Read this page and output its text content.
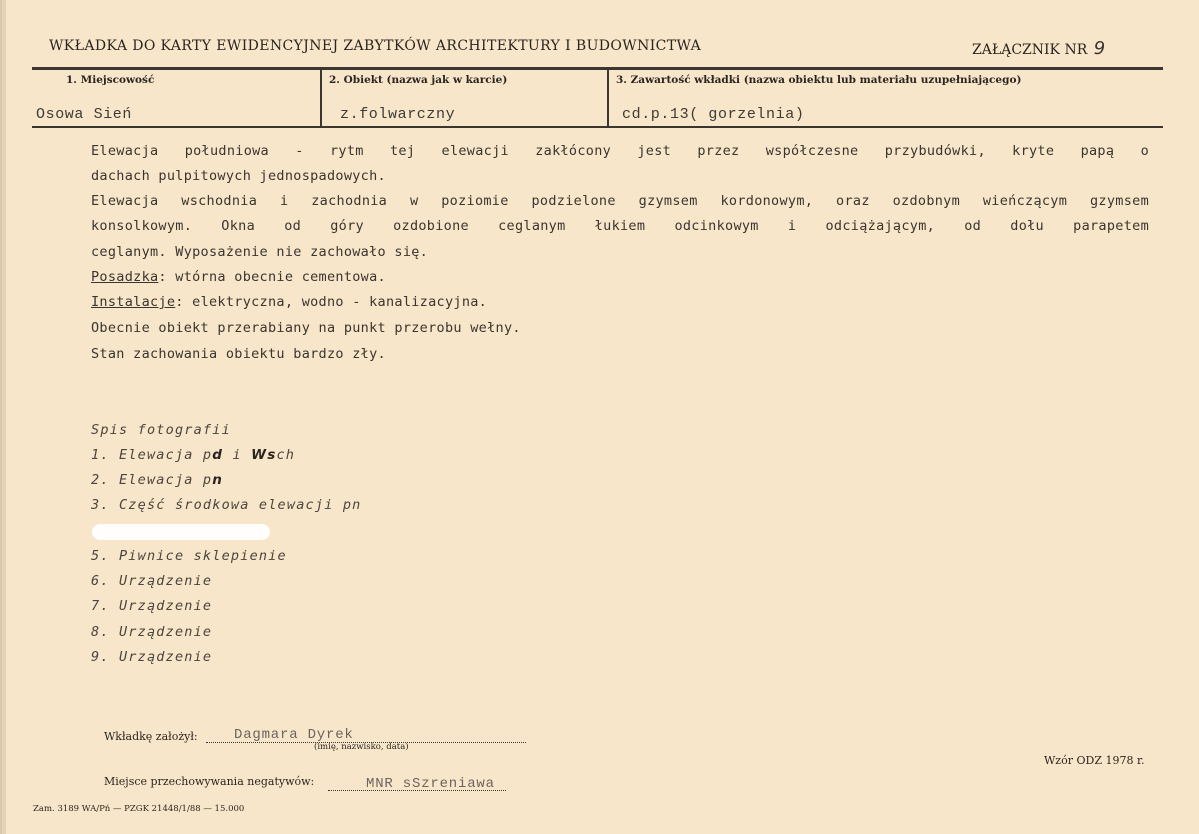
WKŁADKA DO KARTY EWIDENCYJNEJ ZABYTKÓW ARCHITEKTURY I BUDOWNICTWA	ZAŁĄCZNIK NR 9
1. Miejscowość	2. Obiekt (nazwa jak w karcie)	3. Zawartość wkładki (nazwa obiektu lub materiału uzupełniającego)
Osowa Sień	z.folwarczny	cd.p.13( gorzelnia)
Elewacja południowa - rytm tej elewacji zakłócony jest przez współczesne przybudówki, kryte papą o
dachach pulpitowych jednospadowych.
Elewacja wschodnia i zachodnia w poziomie podzielone gzymsem kordonowym, oraz ozdobnym wieńczącym gzymsem
konsolkowym. Okna od góry ozdobione ceglanym łukiem odcinkowym i odciążającym, od dołu parapetem
ceglanym. Wyposażenie nie zachowało się.
Posadzka: wtórna obecnie cementowa.
Instalacje: elektryczna, wodno - kanalizacyjna.
Obecnie obiekt przerabiany na punkt przerobu wełny.
Stan zachowania obiektu bardzo zły.
Spis fotografii
1. Elewacja pd i Wsch
2. Elewacja pn
3. Część środkowa elewacji pn
5. Piwnice sklepienie
6. Urządzenie
7. Urządzenie
8. Urządzenie
9. Urządzenie
Wkładkę założył:	Dagmara Dyrek
(imię, nazwisko, data)
Wzór ODZ 1978 r.
Miejsce przechowywania negatywów:	MNR sSzreniawa
Zam. 3189 WA/Pń — PZGK 21448/1/88 — 15.000
